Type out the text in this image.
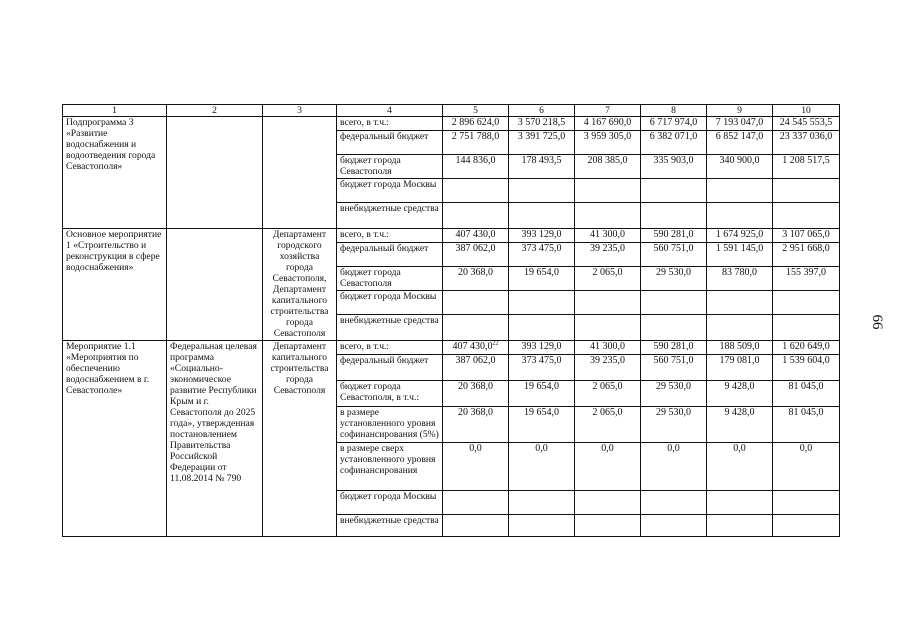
66
1	2	3	4	5	6	7	8	9	10
Подпрограмма 3 «Развитие водоснабжения и водоотведения города Севастополя»			всего, в т.ч.:	2 896 624,0	3 570 218,5	4 167 690,0	6 717 974,0	7 193 047,0	24 545 553,5
			федеральный бюджет	2 751 788,0	3 391 725,0	3 959 305,0	6 382 071,0	6 852 147,0	23 337 036,0
			бюджет города Севастополя	144 836,0	178 493,5	208 385,0	335 903,0	340 900,0	1 208 517,5
			бюджет города Москвы						
			внебюджетные средства						
Основное мероприятие 1 «Строительство и реконструкция в сфере водоснабжения»		Департамент городского хозяйства города Севастополя, Департамент капитального строительства города Севастополя	всего, в т.ч.:	407 430,0	393 129,0	41 300,0	590 281,0	1 674 925,0	3 107 065,0
			федеральный бюджет	387 062,0	373 475,0	39 235,0	560 751,0	1 591 145,0	2 951 668,0
			бюджет города Севастополя	20 368,0	19 654,0	2 065,0	29 530,0	83 780,0	155 397,0
			бюджет города Москвы						
			внебюджетные средства						
Мероприятие 1.1 «Мероприятия по обеспечению водоснабжением в г. Севастополе»	Федеральная целевая программа «Социально-экономическое развитие Республики Крым и г. Севастополя до 2025 года», утвержденная постановлением Правительства Российской Федерации от 11.08.2014 № 790	Департамент капитального строительства города Севастополя	всего, в т.ч.:	407 430,0$^{22}$	393 129,0	41 300,0	590 281,0	188 509,0	1 620 649,0
			федеральный бюджет	387 062,0	373 475,0	39 235,0	560 751,0	179 081,0	1 539 604,0
			бюджет города Севастополя, в т.ч.:	20 368,0	19 654,0	2 065,0	29 530,0	9 428,0	81 045,0
			в размере установленного уровня софинансирования (5%)	20 368,0	19 654,0	2 065,0	29 530,0	9 428,0	81 045,0
			в размере сверх установленного уровня софинансирования	0,0	0,0	0,0	0,0	0,0	0,0
			бюджет города Москвы						
			внебюджетные средства						
